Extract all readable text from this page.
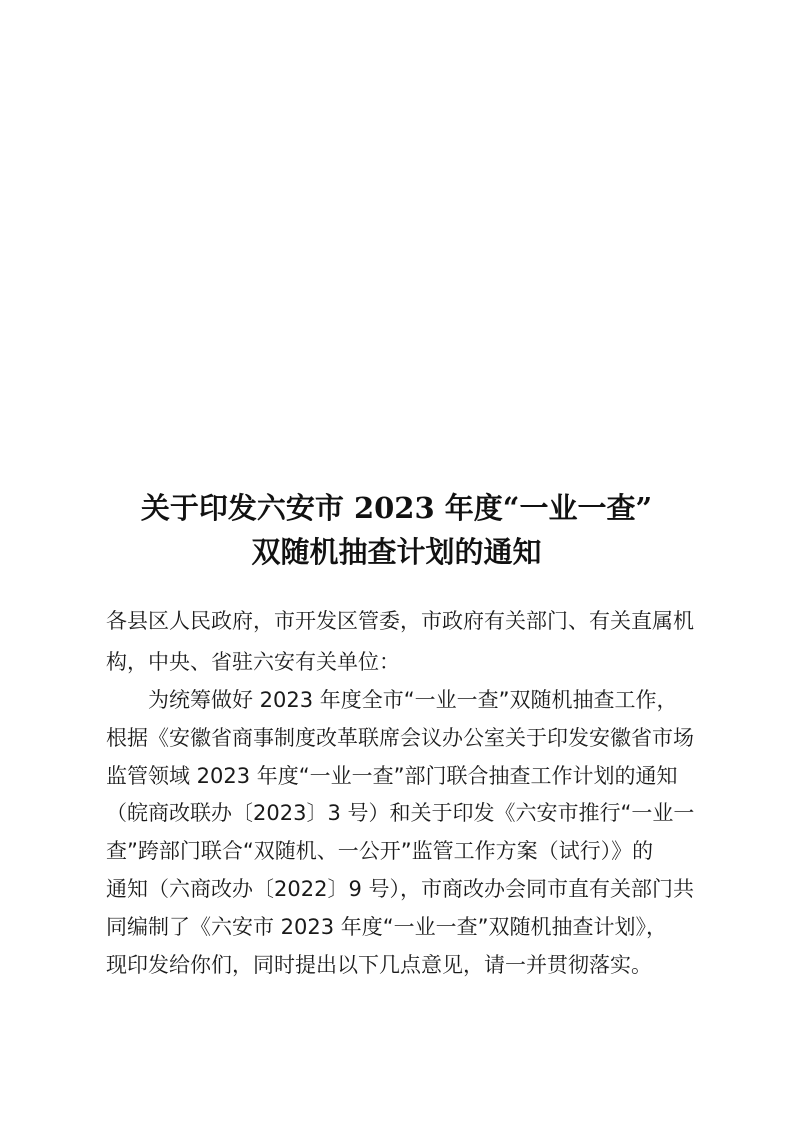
关于印发六安市 2023 年度“一业一查”
双随机抽查计划的通知
各县区人民政府，市开发区管委，市政府有关部门、有关直属机
构，中央、省驻六安有关单位：
为统筹做好 2023 年度全市“一业一查”双随机抽查工作，
根据《安徽省商事制度改革联席会议办公室关于印发安徽省市场
监管领域 2023 年度“一业一查”部门联合抽查工作计划的通知
（皖商改联办〔2023〕3 号）和关于印发《六安市推行“一业一
查”跨部门联合“双随机、一公开”监管工作方案（试行）》的
通知（六商改办〔2022〕9 号），市商改办会同市直有关部门共
同编制了《六安市 2023 年度“一业一查”双随机抽查计划》，
现印发给你们，同时提出以下几点意见，请一并贯彻落实。
